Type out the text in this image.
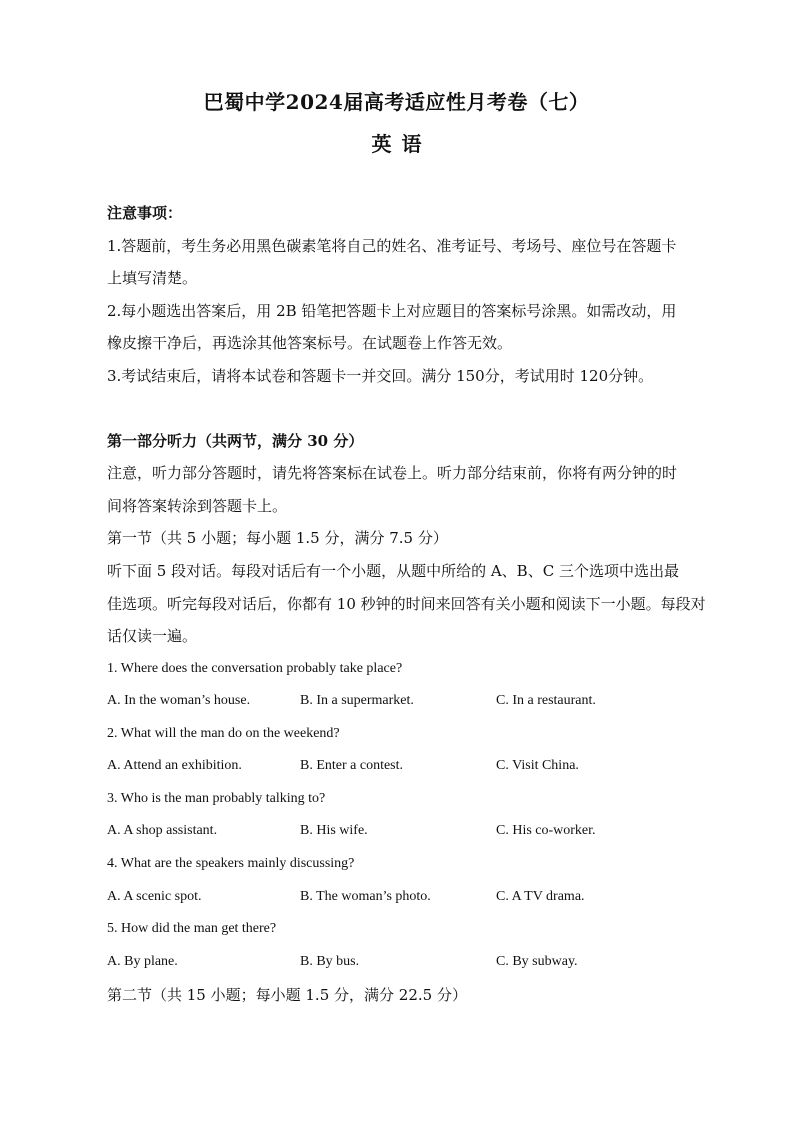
巴蜀中学2024届高考适应性月考卷（七）
英语
注意事项：
1.答题前，考生务必用黑色碳素笔将自己的姓名、准考证号、考场号、座位号在答题卡
上填写清楚。
2.每小题选出答案后，用 2B 铅笔把答题卡上对应题目的答案标号涂黑。如需改动，用
橡皮擦干净后，再选涂其他答案标号。在试题卷上作答无效。
3.考试结束后，请将本试卷和答题卡一并交回。满分 150分，考试用时 120分钟。
第一部分听力（共两节，满分 30 分）
注意，听力部分答题时，请先将答案标在试卷上。听力部分结束前，你将有两分钟的时
间将答案转涂到答题卡上。
第一节（共 5 小题；每小题 1.5 分，满分 7.5 分）
听下面 5 段对话。每段对话后有一个小题，从题中所给的 A、B、C 三个选项中选出最
佳选项。听完每段对话后，你都有 10 秒钟的时间来回答有关小题和阅读下一小题。每段对
话仅读一遍。
1. Where does the conversation probably take place?
A. In the woman’s house.	B. In a supermarket.	C. In a restaurant.
2. What will the man do on the weekend?
A. Attend an exhibition.	B. Enter a contest.	C. Visit China.
3. Who is the man probably talking to?
A. A shop assistant.	B. His wife.	C. His co-worker.
4. What are the speakers mainly discussing?
A. A scenic spot.	B. The woman’s photo.	C. A TV drama.
5. How did the man get there?
A. By plane.	B. By bus.	C. By subway.
第二节（共 15 小题；每小题 1.5 分，满分 22.5 分）
